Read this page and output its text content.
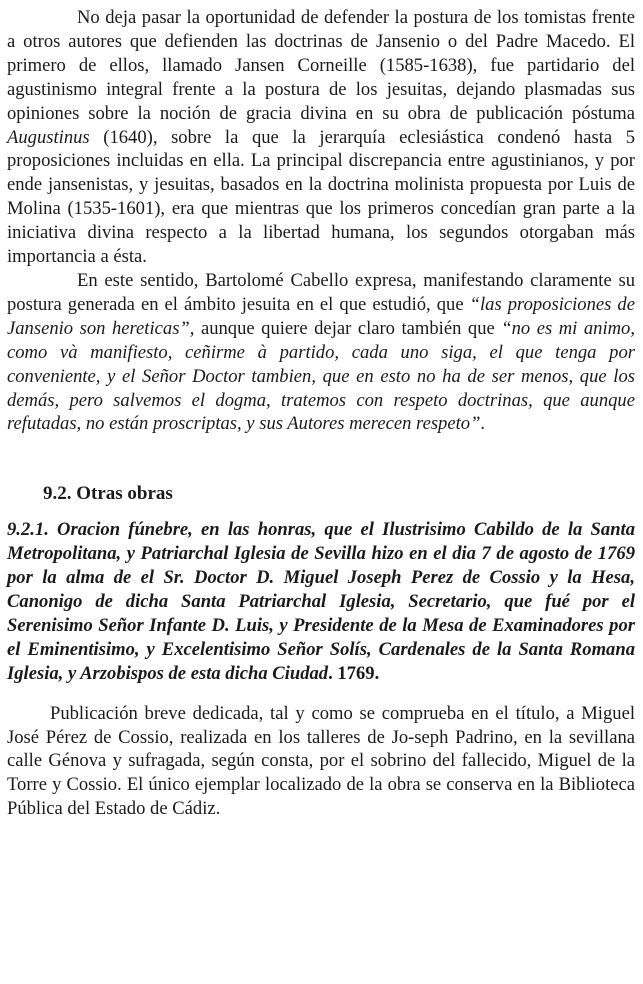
No deja pasar la oportunidad de defender la postura de los tomistas frente a otros autores que defienden las doctrinas de Jansenio o del Padre Macedo. El primero de ellos, llamado Jansen Corneille (1585-1638), fue partidario del agustinismo integral frente a la postura de los jesuitas, dejando plasmadas sus opiniones sobre la noción de gracia divina en su obra de publicación póstuma Augustinus (1640), sobre la que la jerarquía eclesiástica condenó hasta 5 proposiciones incluidas en ella. La principal discrepancia entre agustinianos, y por ende jansenistas, y jesuitas, basados en la doctrina molinista propuesta por Luis de Molina (1535-1601), era que mientras que los primeros concedían gran parte a la iniciativa divina respecto a la libertad humana, los segundos otorgaban más importancia a ésta.

En este sentido, Bartolomé Cabello expresa, manifestando claramente su postura generada en el ámbito jesuita en el que estudió, que “las proposiciones de Jansenio son hereticas”, aunque quiere dejar claro también que “no es mi animo, como và manifiesto, ceñirme à partido, cada uno siga, el que tenga por conveniente, y el Señor Doctor tambien, que en esto no ha de ser menos, que los demás, pero salvemos el dogma, tratemos con respeto doctrinas, que aunque refutadas, no están proscriptas, y sus Autores merecen respeto”.

9.2. Otras obras

9.2.1. Oracion fúnebre, en las honras, que el Ilustrisimo Cabildo de la Santa Metropolitana, y Patriarchal Iglesia de Sevilla hizo en el dia 7 de agosto de 1769 por la alma de el Sr. Doctor D. Miguel Joseph Perez de Cossio y la Hesa, Canonigo de dicha Santa Patriarchal Iglesia, Secretario, que fué por el Serenisimo Señor Infante D. Luis, y Presidente de la Mesa de Examinadores por el Eminentisimo, y Excelentisimo Señor Solís, Cardenales de la Santa Romana Iglesia, y Arzobispos de esta dicha Ciudad. 1769.

Publicación breve dedicada, tal y como se comprueba en el título, a Miguel José Pérez de Cossio, realizada en los talleres de Jo-seph Padrino, en la sevillana calle Génova y sufragada, según consta, por el sobrino del fallecido, Miguel de la Torre y Cossio. El único ejemplar localizado de la obra se conserva en la Biblioteca Pública del Estado de Cádiz.
